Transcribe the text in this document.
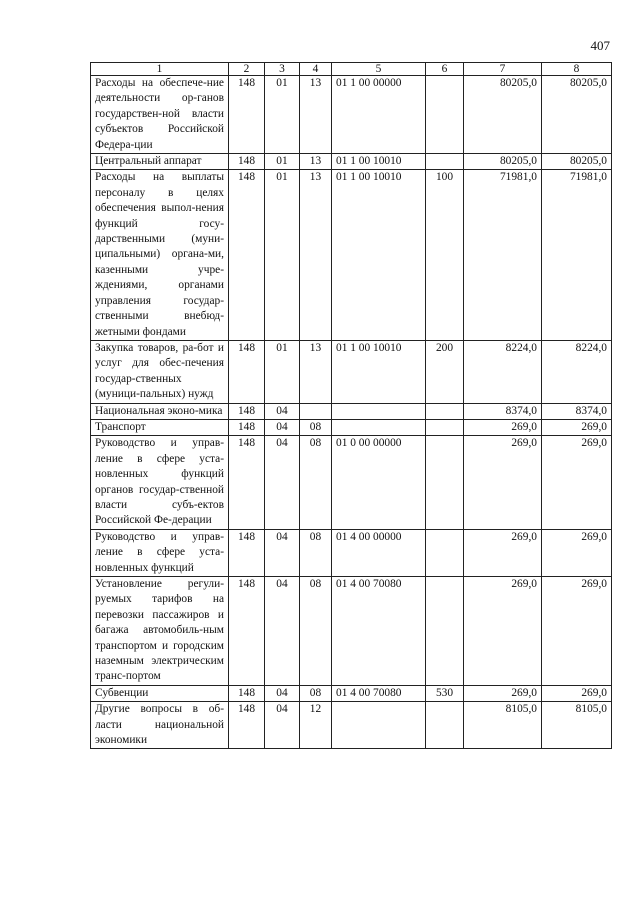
407
1	2	3	4	5	6	7	8
Расходы на обеспече-ние деятельности ор-ганов государствен-ной власти субъектов Российской Федера-ции	148	01	13	01 1 00 00000		80205,0	80205,0
Центральный аппарат	148	01	13	01 1 00 10010		80205,0	80205,0
Расходы на выплаты персоналу в целях обеспечения выпол-нения функций госу-дарственными (муни-ципальными) органа-ми, казенными учре-ждениями, органами управления государ-ственными внебюд-жетными фондами	148	01	13	01 1 00 10010	100	71981,0	71981,0
Закупка товаров, ра-бот и услуг для обес-печения государ-ственных (муници-пальных) нужд	148	01	13	01 1 00 10010	200	8224,0	8224,0
Национальная эконо-мика	148	04				8374,0	8374,0
Транспорт	148	04	08			269,0	269,0
Руководство и управ-ление в сфере уста-новленных функций органов государ-ственной власти субъ-ектов Российской Фе-дерации	148	04	08	01 0 00 00000		269,0	269,0
Руководство и управ-ление в сфере уста-новленных функций	148	04	08	01 4 00 00000		269,0	269,0
Установление регули-руемых тарифов на перевозки пассажиров и багажа автомобиль-ным транспортом и городским наземным электрическим транс-портом	148	04	08	01 4 00 70080		269,0	269,0
Субвенции	148	04	08	01 4 00 70080	530	269,0	269,0
Другие вопросы в об-ласти национальной экономики	148	04	12			8105,0	8105,0
